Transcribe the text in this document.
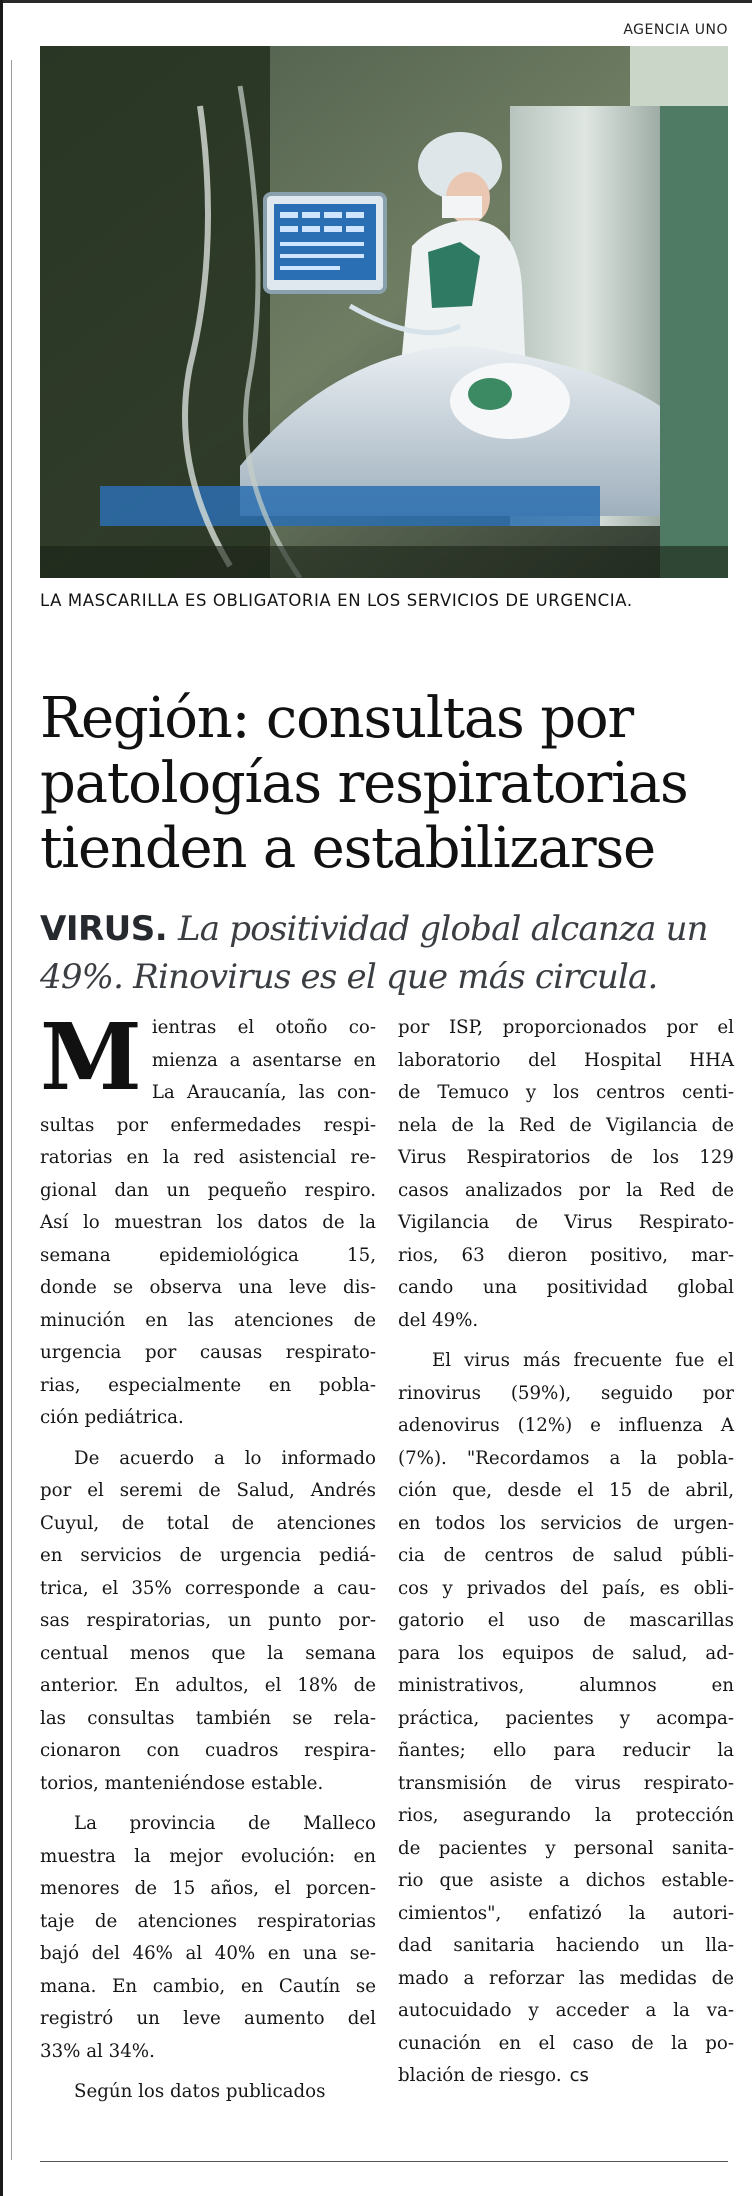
AGENCIA UNO
LA MASCARILLA ES OBLIGATORIA EN LOS SERVICIOS DE URGENCIA.
Región: consultas por
patologías respiratorias
tienden a estabilizarse
VIRUS. La positividad global alcanza un
49%. Rinovirus es el que más circula.
M ientras el otoño co-
mienza a asentarse en
La Araucanía, las con-
sultas por enfermedades respi-
ratorias en la red asistencial re-
gional dan un pequeño respiro.
Así lo muestran los datos de la
semana epidemiológica 15,
donde se observa una leve dis-
minución en las atenciones de
urgencia por causas respirato-
rias, especialmente en pobla-
ción pediátrica.
De acuerdo a lo informado
por el seremi de Salud, Andrés
Cuyul, de total de atenciones
en servicios de urgencia pediá-
trica, el 35% corresponde a cau-
sas respiratorias, un punto por-
centual menos que la semana
anterior. En adultos, el 18% de
las consultas también se rela-
cionaron con cuadros respira-
torios, manteniéndose estable.
La provincia de Malleco
muestra la mejor evolución: en
menores de 15 años, el porcen-
taje de atenciones respiratorias
bajó del 46% al 40% en una se-
mana. En cambio, en Cautín se
registró un leve aumento del
33% al 34%.
Según los datos publicados
por ISP, proporcionados por el
laboratorio del Hospital HHA
de Temuco y los centros centi-
nela de la Red de Vigilancia de
Virus Respiratorios de los 129
casos analizados por la Red de
Vigilancia de Virus Respirato-
rios, 63 dieron positivo, mar-
cando una positividad global
del 49%.
El virus más frecuente fue el
rinovirus (59%), seguido por
adenovirus (12%) e influenza A
(7%). "Recordamos a la pobla-
ción que, desde el 15 de abril,
en todos los servicios de urgen-
cia de centros de salud públi-
cos y privados del país, es obli-
gatorio el uso de mascarillas
para los equipos de salud, ad-
ministrativos, alumnos en
práctica, pacientes y acompa-
ñantes; ello para reducir la
transmisión de virus respirato-
rios, asegurando la protección
de pacientes y personal sanita-
rio que asiste a dichos estable-
cimientos", enfatizó la autori-
dad sanitaria haciendo un lla-
mado a reforzar las medidas de
autocuidado y acceder a la va-
cunación en el caso de la po-
blación de riesgo. cs
